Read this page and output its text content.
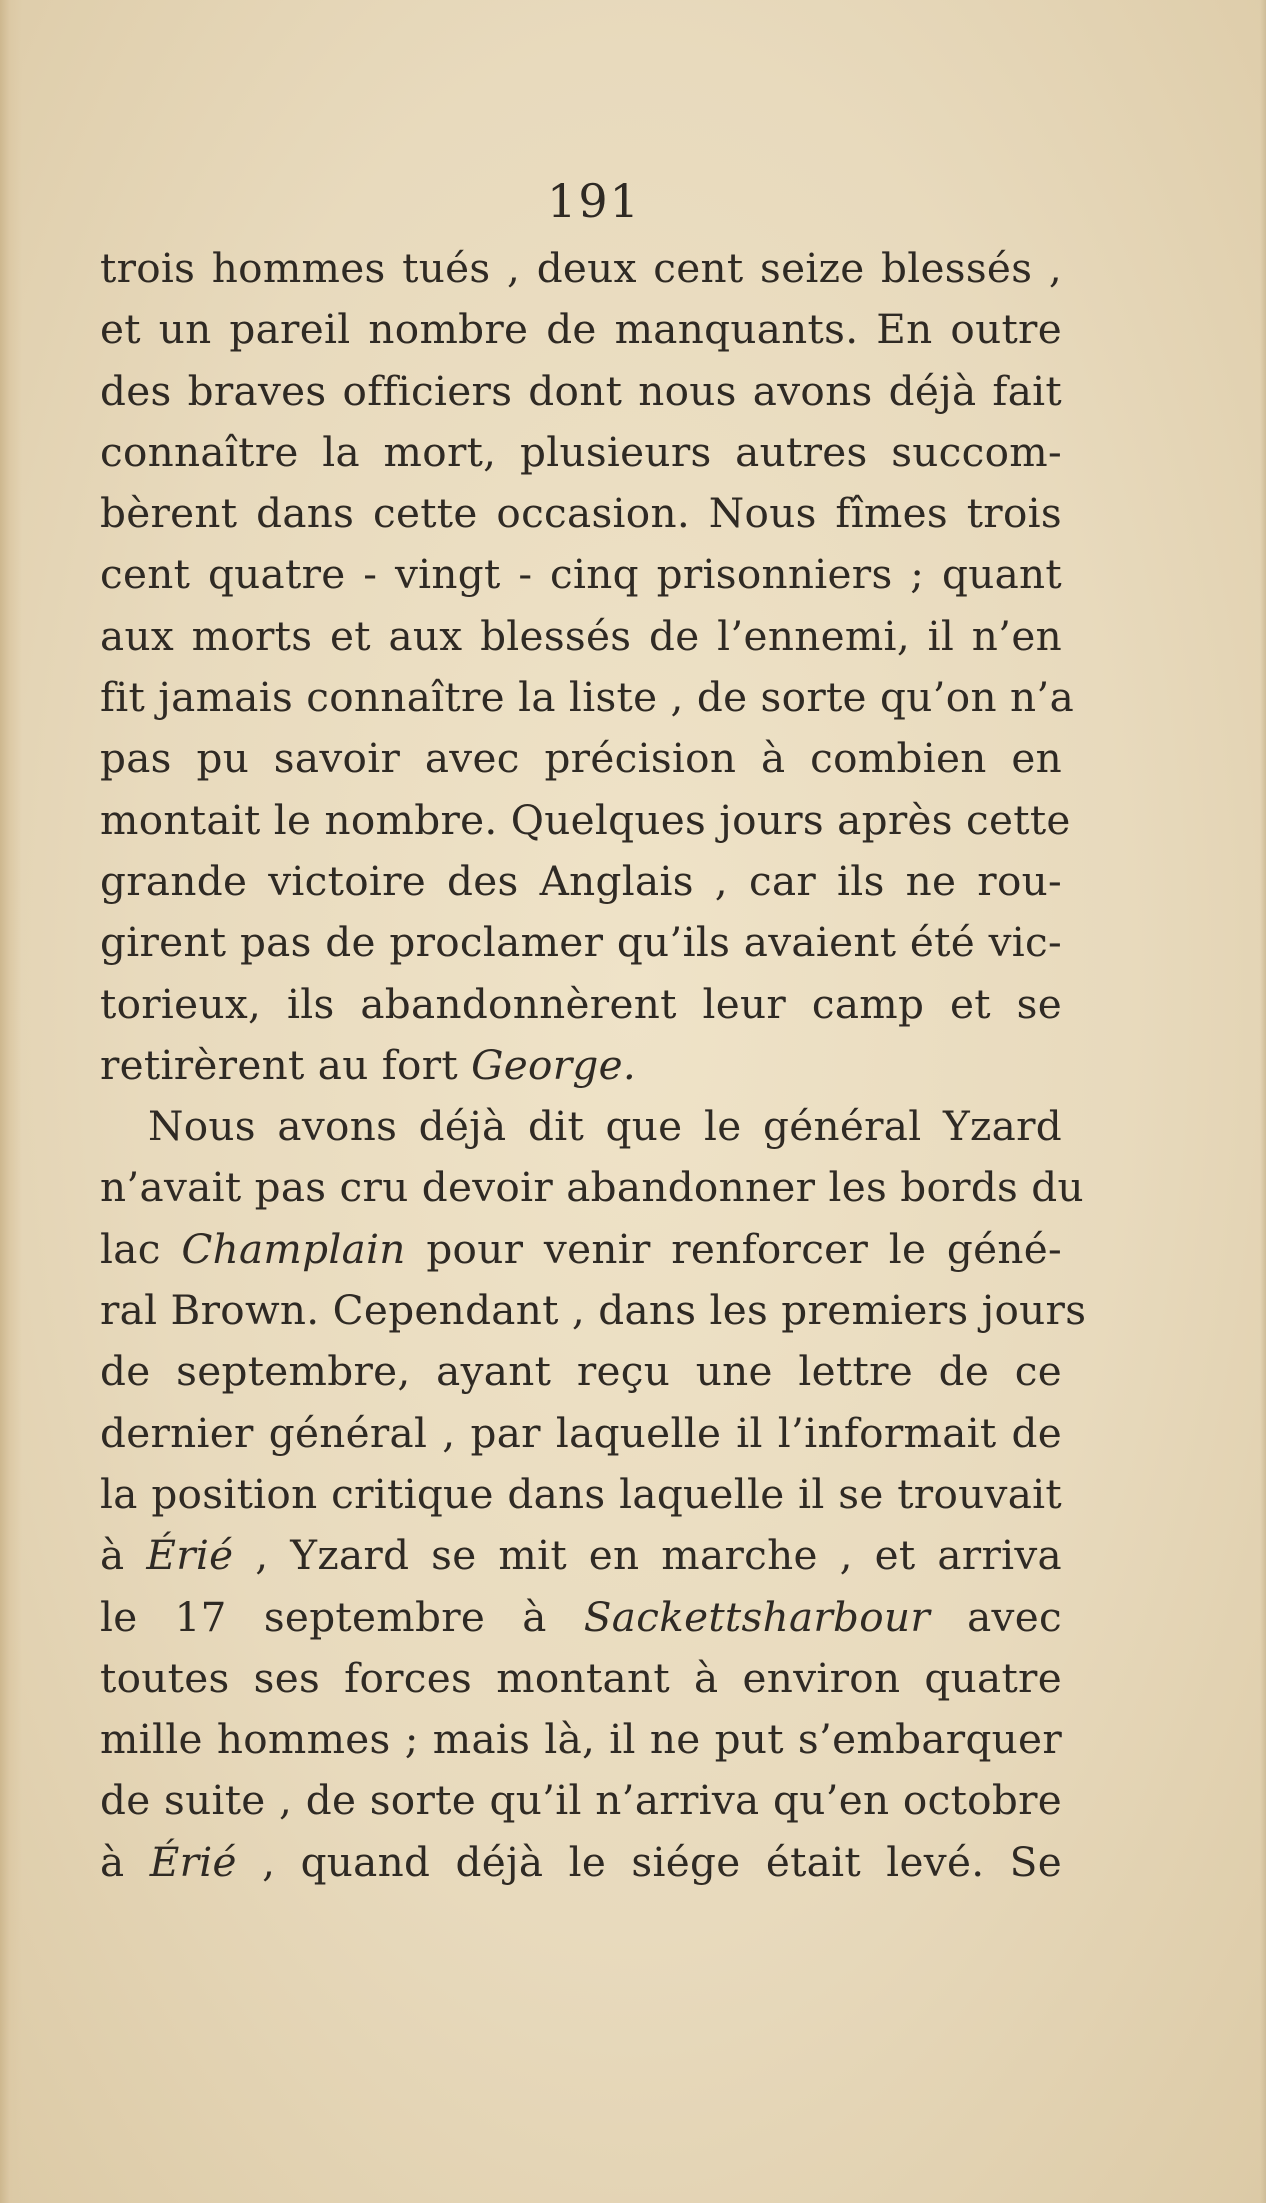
191
trois hommes tués , deux cent seize blessés ,
et un pareil nombre de manquants. En outre
des braves officiers dont nous avons déjà fait
connaître la mort, plusieurs autres succom-
bèrent dans cette occasion. Nous fîmes trois
cent quatre - vingt - cinq prisonniers ; quant
aux morts et aux blessés de l’ennemi, il n’en
fit jamais connaître la liste , de sorte qu’on n’a
pas pu savoir avec précision à combien en
montait le nombre. Quelques jours après cette
grande victoire des Anglais , car ils ne rou-
girent pas de proclamer qu’ils avaient été vic-
torieux, ils abandonnèrent leur camp et se
retirèrent au fort George.
Nous avons déjà dit que le général Yzard
n’avait pas cru devoir abandonner les bords du
lac Champlain pour venir renforcer le géné-
ral Brown. Cependant , dans les premiers jours
de septembre, ayant reçu une lettre de ce
dernier général , par laquelle il l’informait de
la position critique dans laquelle il se trouvait
à Érié , Yzard se mit en marche , et arriva
le 17 septembre à Sackettsharbour avec
toutes ses forces montant à environ quatre
mille hommes ; mais là, il ne put s’embarquer
de suite , de sorte qu’il n’arriva qu’en octobre
à Érié , quand déjà le siége était levé. Se
